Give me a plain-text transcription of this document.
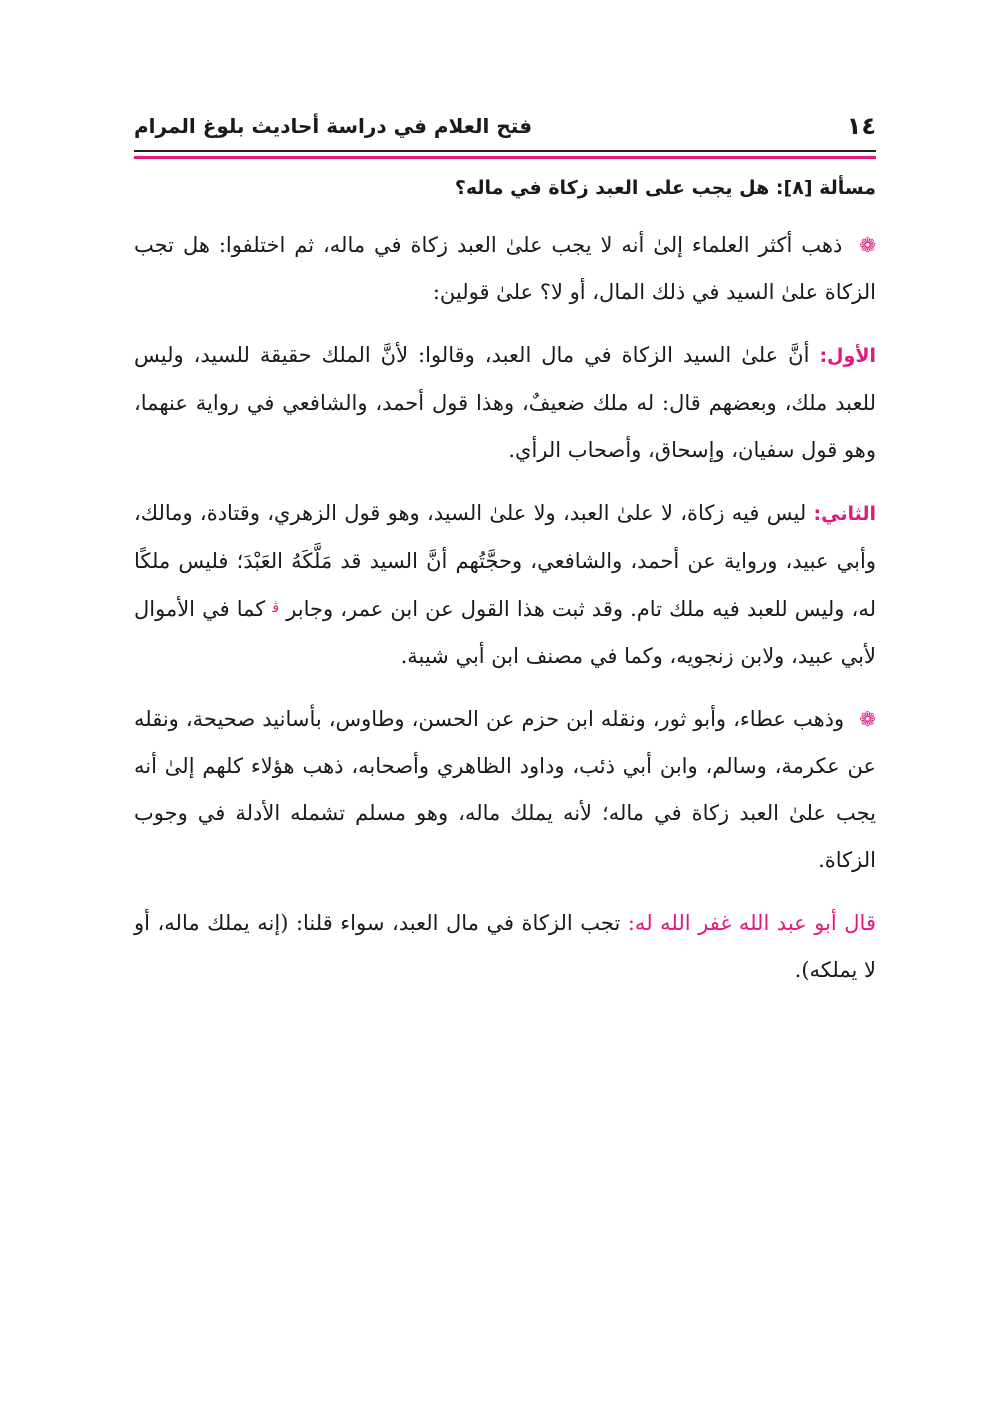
١٤
فتح العلام في دراسة أحاديث بلوغ المرام
مسألة [٨]: هل يجب على العبد زكاة في ماله؟

❁ ذهب أكثر العلماء إلىٰ أنه لا يجب علىٰ العبد زكاة في ماله، ثم اختلفوا: هل تجب الزكاة علىٰ السيد في ذلك المال، أو لا؟ علىٰ قولين:

الأول: أنَّ علىٰ السيد الزكاة في مال العبد، وقالوا: لأنَّ الملك حقيقة للسيد، وليس للعبد ملك، وبعضهم قال: له ملك ضعيفٌ، وهذا قول أحمد، والشافعي في رواية عنهما، وهو قول سفيان، وإسحاق، وأصحاب الرأي.

الثاني: ليس فيه زكاة، لا علىٰ العبد، ولا علىٰ السيد، وهو قول الزهري، وقتادة، ومالك، وأبي عبيد، ورواية عن أحمد، والشافعي، وحجَّتُهم أنَّ السيد قد مَلَّكَهُ العَبْدَ؛ فليس ملكًا له، وليس للعبد فيه ملك تام. وقد ثبت هذا القول عن ابن عمر، وجابر ﭬ كما في الأموال لأبي عبيد، ولابن زنجويه، وكما في مصنف ابن أبي شيبة.

❁ وذهب عطاء، وأبو ثور، ونقله ابن حزم عن الحسن، وطاوس، بأسانيد صحيحة، ونقله عن عكرمة، وسالم، وابن أبي ذئب، وداود الظاهري وأصحابه، ذهب هؤلاء كلهم إلىٰ أنه يجب علىٰ العبد زكاة في ماله؛ لأنه يملك ماله، وهو مسلم تشمله الأدلة في وجوب الزكاة.

قال أبو عبد الله غفر الله له: تجب الزكاة في مال العبد، سواء قلنا: (إنه يملك ماله، أو لا يملكه).
